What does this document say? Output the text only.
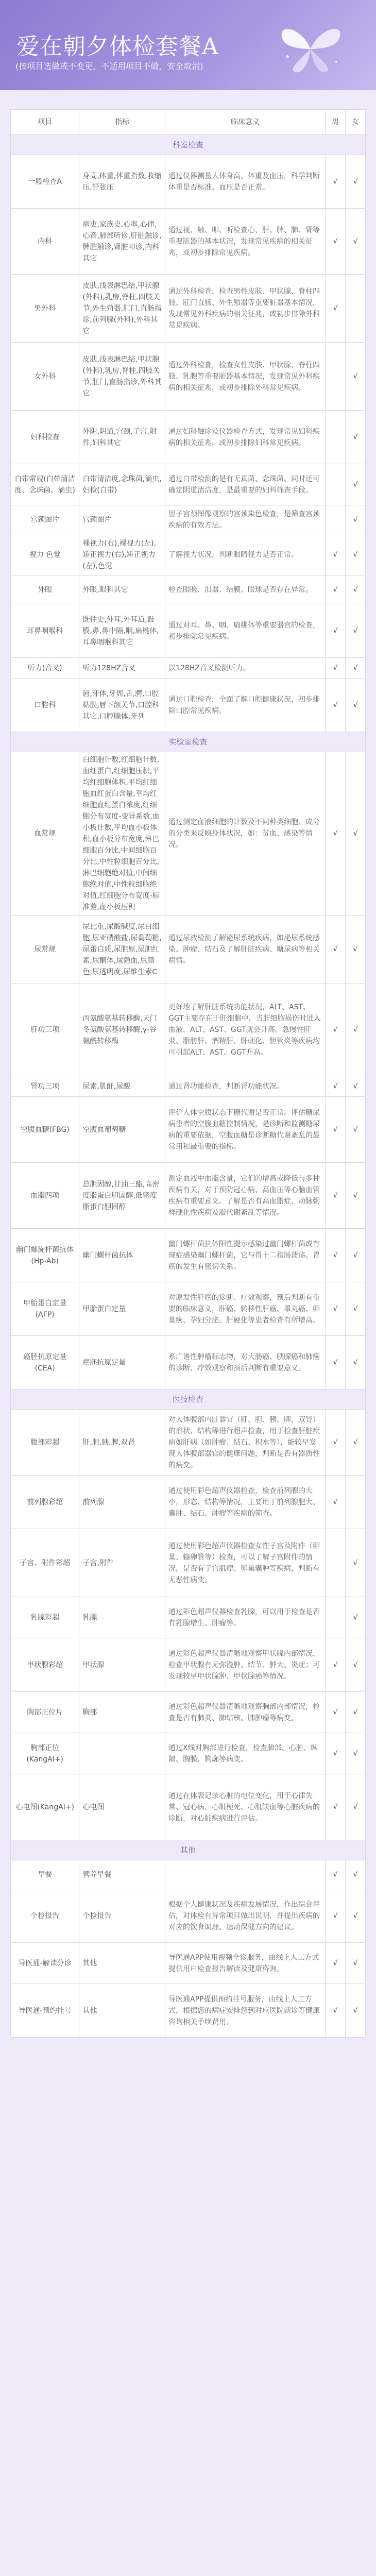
爱在朝夕体检套餐A
(按项目选做或不变更，不适用项目不做，安全取消)
项目	指标	临床意义	男	女
科室检查				
一般检查A	身高,体重,体重指数,收缩压,舒张压	通过仪器测量人体身高、体重及血压，科学判断体重是否标准、血压是否正常。	√	√
内科	病史,家族史,心率,心律,心音,肺部听诊,肝脏触诊,脾脏触诊,肾脏叩诊,内科其它	通过视、触、叩、听检查心、肝、脾、肺、肾等重要脏器的基本状况，发现常见疾病的相关征兆，或初步排除常见疾病。	√	√
男外科	皮肤,浅表淋巴结,甲状腺(外科),乳房,脊柱,四肢关节,外生殖器,肛门,直肠指诊,前列腺(外科),外科其它	通过外科检查，检查男性皮肤、甲状腺、脊柱四肢、肛门直肠、外生殖器等重要脏器基本情况，发现常见外科疾病的相关征兆，或初步排除外科常见疾病。	√	
女外科	皮肤,浅表淋巴结,甲状腺(外科),乳房,脊柱,四肢关节,肛门,直肠指诊,外科其它	通过外科检查，检查女性皮肤、甲状腺、脊柱四肢、乳腺等重要脏器基本情况，发现常见外科疾病的相关征兆，或初步排除外科常见疾病。		√
妇科检查	外阴,阴道,宫颈,子宫,附件,妇科其它	通过妇科触诊及仪器检查方式，发现常见妇科疾病的相关征兆，或初步排除妇科常见疾病。		√
白带常规(白带清洁度、念珠菌、滴虫)	白带清洁度,念珠菌,滴虫,妇检(白带)	通过白带检测的是有无真菌、念珠菌、同时还可确定阴道清洁度，是最重要的妇科筛查手段。		√
宫颈图片	宫颈图片	留子宫颈图像观察的宫颈染色检查，是筛查宫颈疾病的有效方法。		√
视力 色觉	裸视力(右),裸视力(左),矫正视力(右),矫正视力(左),色觉	了解视力状况，判断眼睛视力是否正常。	√	√
外眼	外眼,眼科其它	检查眼睑、泪器、结膜、眼球是否存在异常。	√	√
耳鼻咽喉科	既往史,外耳,外耳道,鼓膜,鼻,鼻中隔,咽,扁桃体,耳鼻咽喉科其它	通过对耳、鼻、咽、扁桃体等重要器官的检查，初步排除常见疾病。	√	√
听力(音叉)	听力128HZ音叉	以128HZ音叉检测听力。	√	√
口腔科	唇,牙体,牙周,舌,腭,口腔粘膜,唇下颌关节,口腔科其它,口腔腺体,牙列	通过口腔检查，全面了解口腔健康状况，初步排除口腔常见疾病。	√	√
实验室检查				
血常规	白细胞计数,红细胞计数,血红蛋白,红细胞压积,平均红细胞体积,平均红细胞血红蛋白含量,平均红细胞血红蛋白浓度,红细胞分布宽度-变异系数,血小板计数,平均血小板体积,血小板分布宽度,淋巴细胞百分比,中间细胞百分比,中性粒细胞百分比,淋巴细胞绝对值,中间细胞绝对值,中性粒细胞绝对值,红细胞分布宽度-标准差,血小板压积	通过测定血液细胞的计数及不同种类细胞、成分的分类来反映身体状况，如：贫血、感染等情况。	√	√
尿常规	尿比重,尿酸碱度,尿白细胞,尿亚硝酸盐,尿葡萄糖,尿蛋白质,尿胆原,尿胆红素,尿酮体,尿隐血,尿颜色,尿透明度,尿维生素C	通过尿液检测了解泌尿系统疾病，如泌尿系统感染、肿瘤、结石及了解肝脏疾病、糖尿病等相关病情。	√	√
肝功三项	丙氨酸氨基转移酶,天门冬氨酸氨基转移酶,γ-谷氨酰转移酶	更好地了解肝脏系统功能状况，ALT、AST、GGT主要存在于肝细胞中，当肝细胞损伤时进入血液，ALT、AST、GGT就会升高。急慢性肝炎、脂肪肝、酒精肝、肝硬化、胆管炎等疾病均可引起ALT、AST、GGT升高。	√	√
肾功三项	尿素,肌酐,尿酸	通过肾功能检查，判断肾功能状况。	√	√
空腹血糖(FBG)	空腹血葡萄糖	评价人体空腹状态下糖代谢是否正常。评估糖尿病患者的空腹血糖控制情况，是诊断和监测糖尿病的重要依据，空腹血糖是诊断糖代谢紊乱的最常用和最重要的指标。	√	√
血脂四项	总胆固醇,甘油三酯,高密度脂蛋白胆固醇,低密度脂蛋白胆固醇	测定血液中血脂含量，它们的增高或降低与多种疾病有关，对于预防冠心病、高血压等心脑血管疾病有重要意义。了解是否有高血脂症、动脉粥样硬化性疾病及脂代谢紊乱等情况。	√	√
幽门螺旋杆菌抗体(Hp-Ab)	幽门螺杆菌抗体	幽门螺杆菌抗体阳性提示感染过幽门螺杆菌或有现症感染幽门螺杆菌，它与胃十二指肠溃疡、胃癌的发生有密切关系。	√	√
甲胎蛋白定量(AFP)	甲胎蛋白定量	对原发性肝癌的诊断、疗效观察，预后判断有重要的临床意义，肝癌、转移性肝癌、睾丸癌、卵巢癌、孕妇分泌、肝硬化等患者检查有所增高。	√	√
癌胚抗原定量(CEA)	癌胚抗原定量	系广谱性肿瘤标志物，对大肠癌、胰腺癌和肺癌的诊断、疗效观察和预后判断有重要意义。	√	√
医技检查				
腹部彩超	肝,胆,胰,脾,双肾	对人体腹部内脏器官（肝、胆、胰、脾、双肾）的形状、结构等进行超声检查，用于检查肝脏疾病如肝病（如肿瘤、结石、积水等），能较早发现人体腹部器官的健康问题，判断是否有器质性的病变。	√	√
前列腺彩超	前列腺	通过使用彩色超声仪器检查，检查前列腺的大小，形态、结构等情况，主要用于前列腺肥大、囊肿、结石、肿瘤等疾病的筛查。	√	
子宫、附件彩超	子宫,附件	通过使用彩色超声仪器检查女性子宫及附件（卵巢、输卵管等）检查，可以了解子宫附件的情况，是否有子宫肌瘤、卵巢囊肿等疾病，判断有无恶性病变。		√
乳腺彩超	乳腺	通过彩色超声仪器检查乳腺，可以用于检查是否有乳腺增生、肿瘤等。		√
甲状腺彩超	甲状腺	通过彩色超声仪器清晰地观察甲状腺内部情况，检查甲状腺有无弥漫肿、结节、肿大、炎症；可发现较早甲状腺肿、甲状腺癌等情况。	√	√
胸部正位片	胸部	通过彩色超声仪器清晰地观察胸部内部情况，检查是否有肺炎、肺结核、肺肿瘤等病变。	√	√
胸部正位(KangAI+)		通过X线对胸部进行检查，检查肺部、心脏、纵隔、胸膜、胸廓等病变。	√	√
心电图(KangAI+)	心电图	通过在体表记录心脏的电位变化，用于心律失常、冠心病、心肌梗死、心肌缺血等心脏疾病的诊断，对心脏疾病进行评估。	√	√
其他				
早餐	营养早餐		√	√
个检报告	个检报告	根据个人健康状况及疾病发展情况，作出综合评估，对体检有异常项目做出说明，并提出疾病的对应的饮食调理、运动保健方向的建议。	√	√
导医通-解读分诊	其他	导医通APP使用视频全诊服务，由线上人工方式提供用户检查报告解读及健康咨询。	√	√
导医通-预约挂号	其他	导医通APP提供预约挂号服务，由线上人工方式，根据您的病症安排您到对应医院就诊等健康咨询相关手续费用。	√	√
